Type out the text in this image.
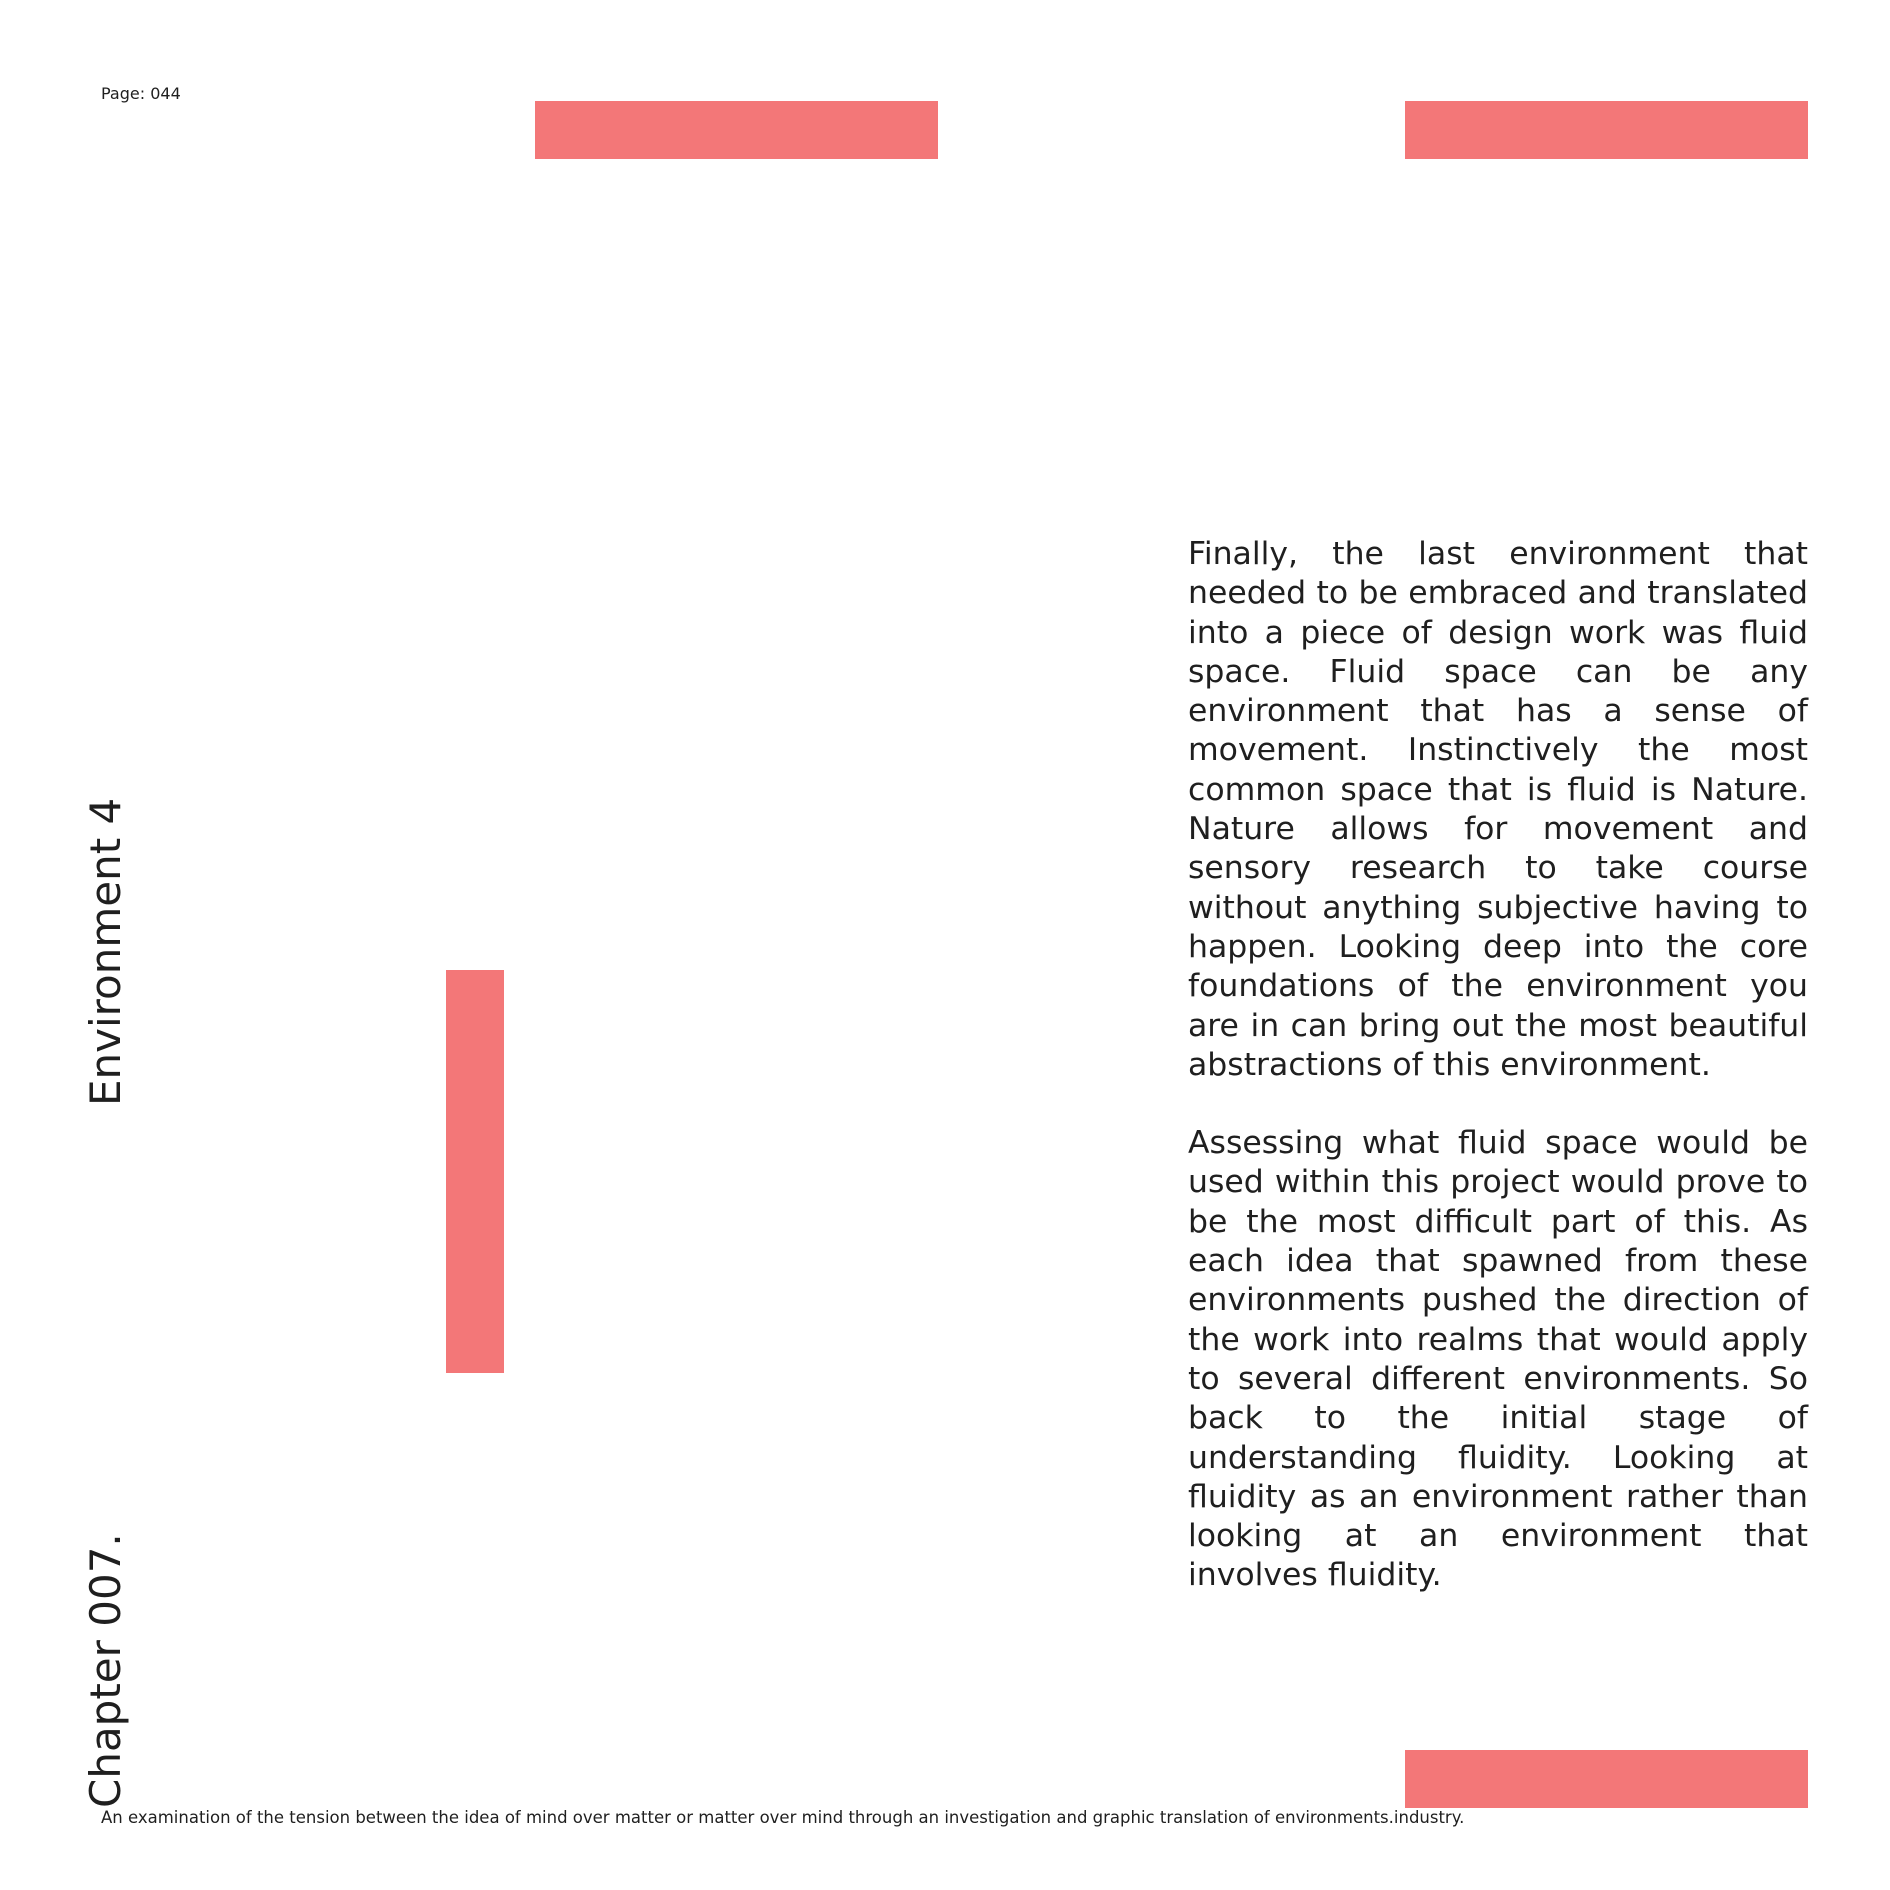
Page: 044
Environment 4
Chapter 007.

Finally, the last environment that needed to be embraced and translated into a piece of design work was fluid space. Fluid space can be any environment that has a sense of movement. Instinctively the most common space that is fluid is Nature. Nature allows for movement and sensory research to take course without anything subjective having to happen. Looking deep into the core foundations of the environment you are in can bring out the most beautiful abstractions of this environment.

Assessing what fluid space would be used within this project would prove to be the most difficult part of this. As each idea that spawned from these environments pushed the direction of the work into realms that would apply to several different environments. So back to the initial stage of understanding fluidity. Looking at fluidity as an environment rather than looking at an environment that involves fluidity.

An examination of the tension between the idea of mind over matter or matter over mind through an investigation and graphic translation of environments.industry.
